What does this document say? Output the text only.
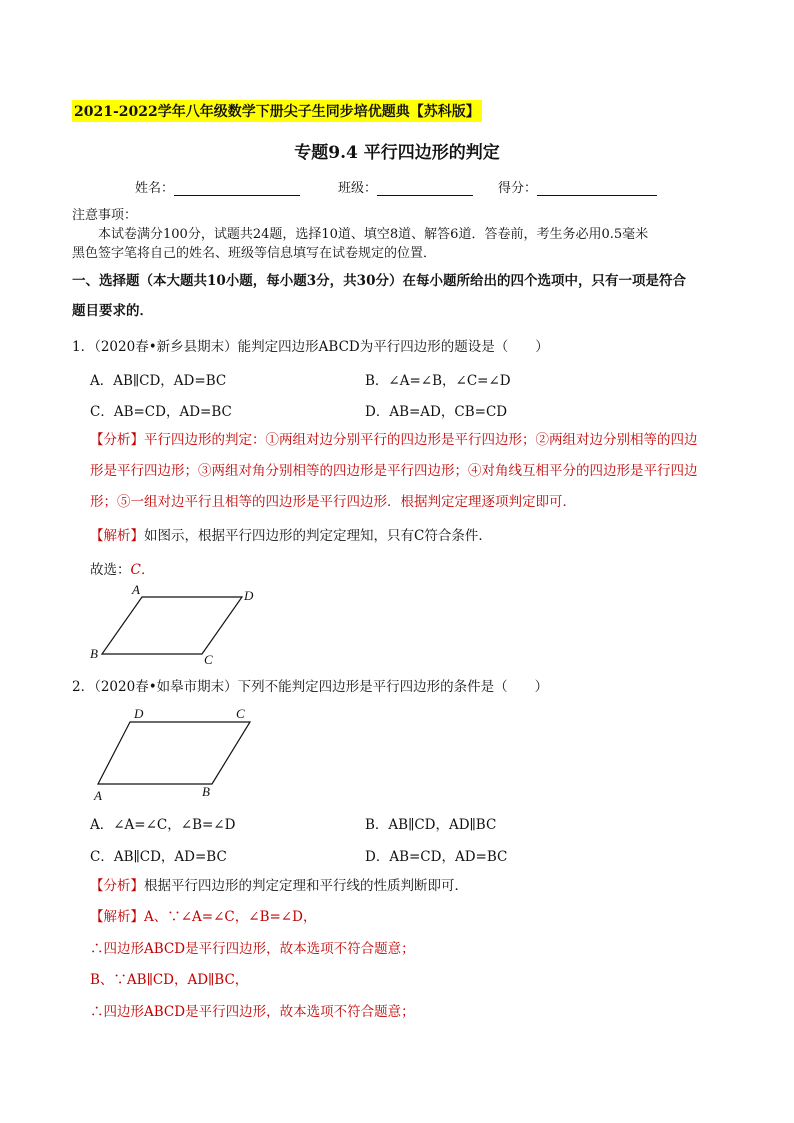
2021-2022学年八年级数学下册尖子生同步培优题典【苏科版】
专题9.4 平行四边形的判定
姓名：	班级：	得分：
注意事项：
本试卷满分100分，试题共24题，选择10道、填空8道、解答6道．答卷前，考生务必用0.5毫米
黑色签字笔将自己的姓名、班级等信息填写在试卷规定的位置．
一、选择题（本大题共10小题，每小题3分，共30分）在每小题所给出的四个选项中，只有一项是符合
题目要求的．
1．（2020春•新乡县期末）能判定四边形ABCD为平行四边形的题设是（　　）
A．AB∥CD，AD=BC	B．∠A=∠B，∠C=∠D
C．AB=CD，AD=BC	D．AB=AD，CB=CD
【分析】平行四边形的判定：①两组对边分别平行的四边形是平行四边形；②两组对边分别相等的四边
形是平行四边形；③两组对角分别相等的四边形是平行四边形；④对角线互相平分的四边形是平行四边
形；⑤一组对边平行且相等的四边形是平行四边形．根据判定定理逐项判定即可．
【解析】如图示，根据平行四边形的判定定理知，只有C符合条件．
故选：C．
A	D
B	C
2．（2020春•如皋市期末）下列不能判定四边形是平行四边形的条件是（　　）
D	C
A	B
A．∠A=∠C，∠B=∠D	B．AB∥CD，AD∥BC
C．AB∥CD，AD=BC	D．AB=CD，AD=BC
【分析】根据平行四边形的判定定理和平行线的性质判断即可．
【解析】A、∵∠A=∠C，∠B=∠D，
∴四边形ABCD是平行四边形，故本选项不符合题意；
B、∵AB∥CD，AD∥BC，
∴四边形ABCD是平行四边形，故本选项不符合题意；
